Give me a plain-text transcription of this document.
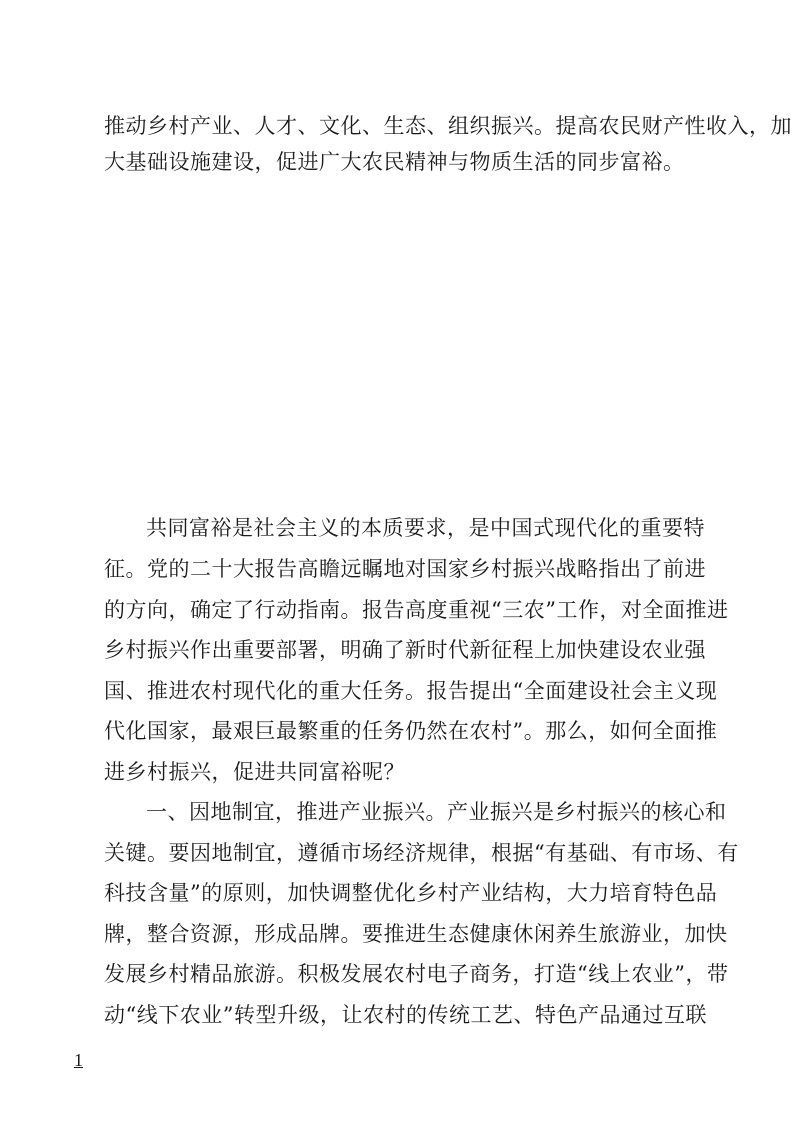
推动乡村产业、人才、文化、生态、组织振兴。提高农民财产性收入，加
大基础设施建设，促进广大农民精神与物质生活的同步富裕。
共同富裕是社会主义的本质要求，是中国式现代化的重要特
征。党的二十大报告高瞻远瞩地对国家乡村振兴战略指出了前进
的方向，确定了行动指南。报告高度重视“三农”工作，对全面推进
乡村振兴作出重要部署，明确了新时代新征程上加快建设农业强
国、推进农村现代化的重大任务。报告提出“全面建设社会主义现
代化国家，最艰巨最繁重的任务仍然在农村”。那么，如何全面推
进乡村振兴，促进共同富裕呢？
一、因地制宜，推进产业振兴。产业振兴是乡村振兴的核心和
关键。要因地制宜，遵循市场经济规律，根据“有基础、有市场、有
科技含量”的原则，加快调整优化乡村产业结构，大力培育特色品
牌，整合资源，形成品牌。要推进生态健康休闲养生旅游业，加快
发展乡村精品旅游。积极发展农村电子商务，打造“线上农业”，带
动“线下农业”转型升级，让农村的传统工艺、特色产品通过互联
1
